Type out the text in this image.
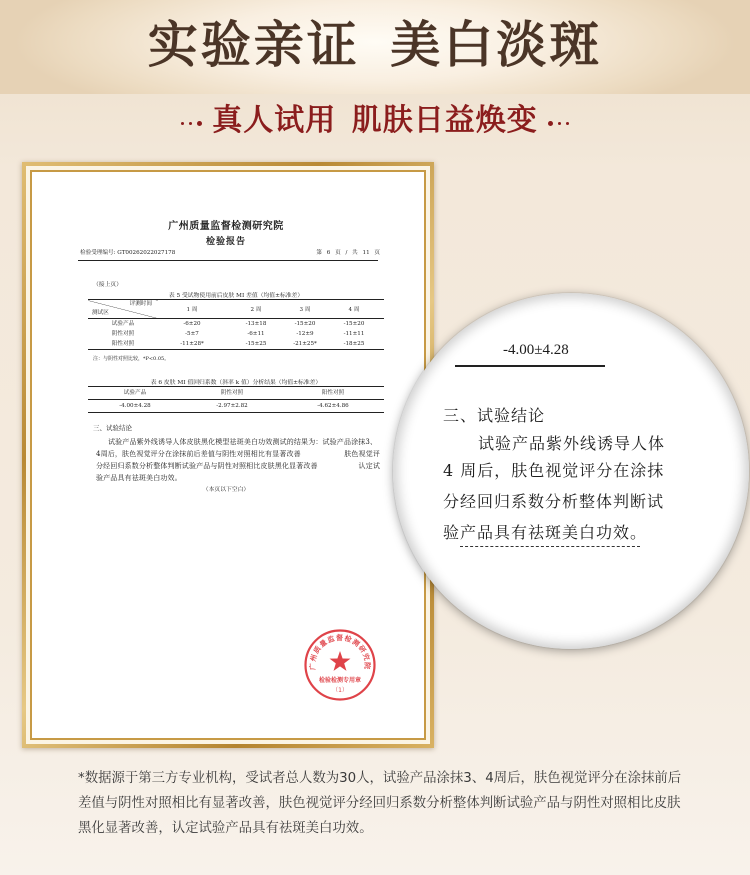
实验亲证 美白淡斑
真人试用 肌肤日益焕变
广州质量监督检测研究院
检验报告
检验受理编号: GT00262022027178	第 6 页 / 共 11 页
（接上页）
表 5 受试物使用前后皮肤 MI 差值（均值±标准差）
评测时间
测试区	1 周	2 周	3 周	4 周
试验产品	-6±20	-13±18	-15±20	-15±20
阴性对照	-5±7	-6±11	-12±9	-11±11
阳性对照	-11±28*	-15±25	-21±25*	-18±25
注：与阴性对照比较，*P<0.05。
表 6 皮肤 MI 值回归系数（斜率 k 值）分析结果（均值±标准差）
试验产品	阴性对照	阳性对照
-4.00±4.28	-2.97±2.82	-4.62±4.86
三、试验结论
试验产品紫外线诱导人体皮肤黑化模型祛斑美白功效测试的结果为：试验产品涂抹3、
4周后，肤色视觉评分在涂抹前后差值与阴性对照相比有显著改善	肤色视觉评
分经回归系数分析整体判断试验产品与阴性对照相比皮肤黑化显著改善	认定试
验产品具有祛斑美白功效。
（本页以下空白）
广州质量监督检测研究院
检验检测专用章
（1）
-4.00±4.28
三、试验结论
试验产品紫外线诱导人体
4 周后，肤色视觉评分在涂抹
分经回归系数分析整体判断试
验产品具有祛斑美白功效。
*数据源于第三方专业机构，受试者总人数为30人，试验产品涂抹3、4周后，肤色视觉评分在涂抹前后
差值与阴性对照相比有显著改善，肤色视觉评分经回归系数分析整体判断试验产品与阴性对照相比皮肤
黑化显著改善，认定试验产品具有祛斑美白功效。
